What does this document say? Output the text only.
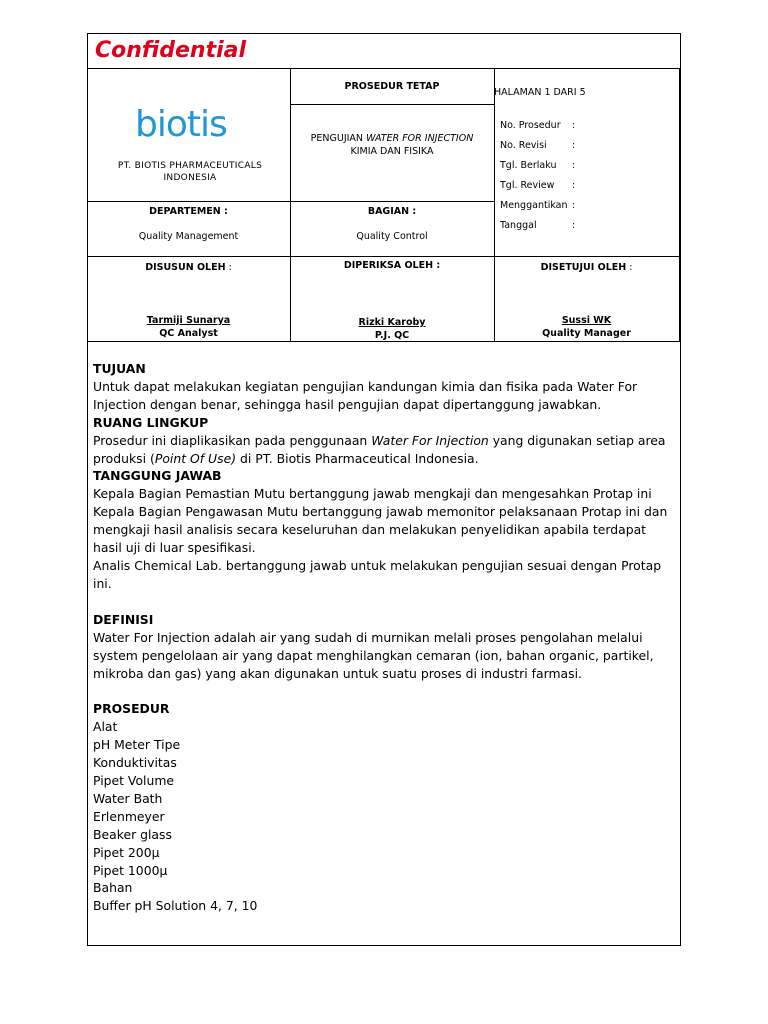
Confidential
biotis
PT. BIOTIS PHARMACEUTICALS
INDONESIA
PROSEDUR TETAP
HALAMAN 1 DARI 5
PENGUJIAN WATER FOR INJECTION
KIMIA DAN FISIKA
No. Prosedur :
No. Revisi	:
Tgl. Berlaku :
Tgl. Review :
Menggantikan :
Tanggal	:
DEPARTEMEN :
Quality Management
BAGIAN :
Quality Control
DISUSUN OLEH :
Tarmiji Sunarya
QC Analyst
DIPERIKSA OLEH :
Rizki Karoby
P.J. QC
DISETUJUI OLEH :
Sussi WK
Quality Manager

TUJUAN

Untuk dapat melakukan kegiatan pengujian kandungan kimia dan fisika pada Water For Injection dengan benar, sehingga hasil pengujian dapat dipertanggung jawabkan.

RUANG LINGKUP

Prosedur ini diaplikasikan pada penggunaan Water For Injection yang digunakan setiap area produksi (Point Of Use) di PT. Biotis Pharmaceutical Indonesia.

TANGGUNG JAWAB

Kepala Bagian Pemastian Mutu bertanggung jawab mengkaji dan mengesahkan Protap ini

Kepala Bagian Pengawasan Mutu bertanggung jawab memonitor pelaksanaan Protap ini dan mengkaji hasil analisis secara keseluruhan dan melakukan penyelidikan apabila terdapat hasil uji di luar spesifikasi.

Analis Chemical Lab. bertanggung jawab untuk melakukan pengujian sesuai dengan Protap ini.

DEFINISI

Water For Injection adalah air yang sudah di murnikan melali proses pengolahan melalui system pengelolaan air yang dapat menghilangkan cemaran (ion, bahan organic, partikel, mikroba dan gas) yang akan digunakan untuk suatu proses di industri farmasi.

PROSEDUR

Alat

pH Meter Tipe

Konduktivitas

Pipet Volume

Water Bath

Erlenmeyer

Beaker glass

Pipet 200µ

Pipet 1000µ

Bahan

Buffer pH Solution 4, 7, 10
